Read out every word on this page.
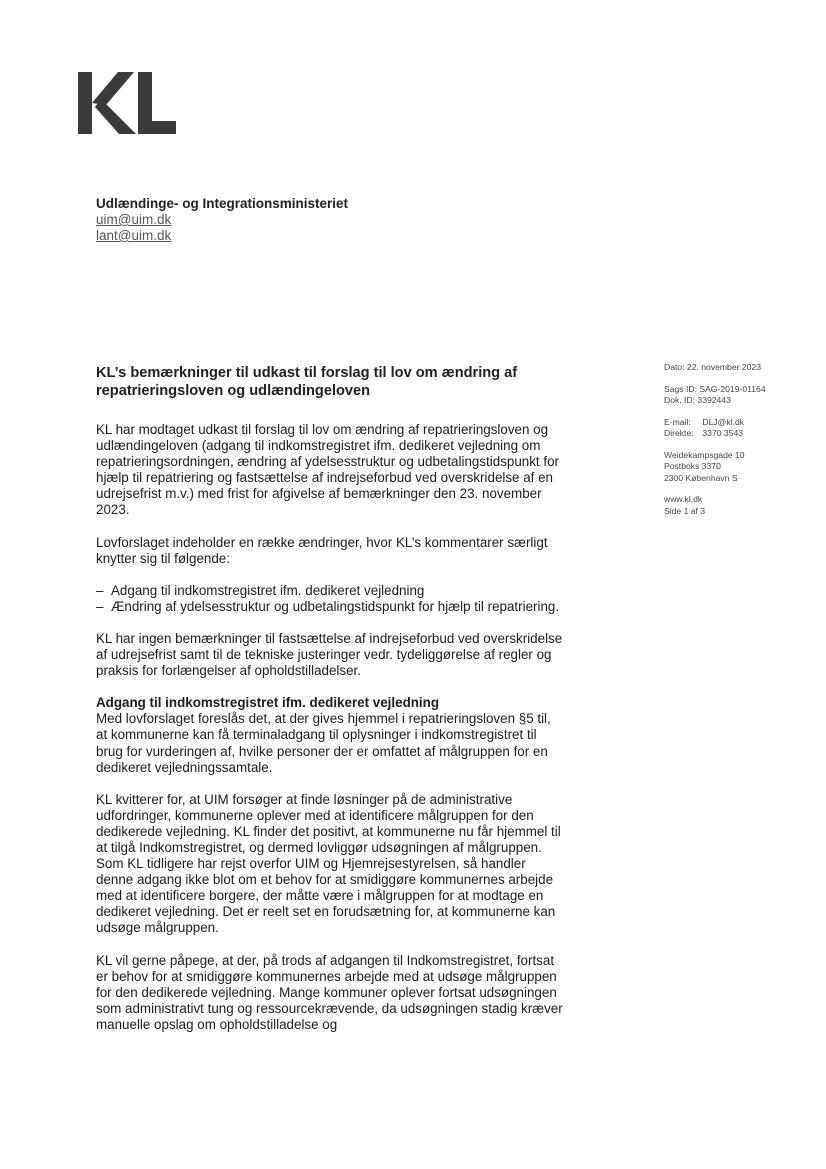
Udlændinge- og Integrationsministeriet
uim@uim.dk
lant@uim.dk
Dato: 22. november 2023
Sags ID: SAG-2019-01164
Dok. ID: 3392443
E-mail: DLJ@kl.dk
Direkte: 3370 3543
Weidekampsgade 10
Postboks 3370
2300 København S
www.kl.dk
Side 1 af 3
KL’s bemærkninger til udkast til forslag til lov om ændring af repatrieringsloven og udlændingeloven

KL har modtaget udkast til forslag til lov om ændring af repatrieringsloven og udlændingeloven (adgang til indkomstregistret ifm. dedikeret vejledning om repatrieringsordningen, ændring af ydelsesstruktur og udbetalingstidspunkt for hjælp til repatriering og fastsættelse af indrejseforbud ved overskridelse af en udrejsefrist m.v.) med frist for afgivelse af bemærkninger den 23. november 2023.

Lovforslaget indeholder en række ændringer, hvor KL’s kommentarer særligt knytter sig til følgende:

– Adgang til indkomstregistret ifm. dedikeret vejledning
– Ændring af ydelsesstruktur og udbetalingstidspunkt for hjælp til repatriering.

KL har ingen bemærkninger til fastsættelse af indrejseforbud ved overskridelse af udrejsefrist samt til de tekniske justeringer vedr. tydeliggørelse af regler og praksis for forlængelser af opholdstilladelser.

Adgang til indkomstregistret ifm. dedikeret vejledning

Med lovforslaget foreslås det, at der gives hjemmel i repatrieringsloven §5 til, at kommunerne kan få terminaladgang til oplysninger i indkomstregistret til brug for vurderingen af, hvilke personer der er omfattet af målgruppen for en dedikeret vejledningssamtale.

KL kvitterer for, at UIM forsøger at finde løsninger på de administrative udfordringer, kommunerne oplever med at identificere målgruppen for den dedikerede vejledning. KL finder det positivt, at kommunerne nu får hjemmel til at tilgå Indkomstregistret, og dermed lovliggør udsøgningen af målgruppen. Som KL tidligere har rejst overfor UIM og Hjemrejsestyrelsen, så handler denne adgang ikke blot om et behov for at smidiggøre kommunernes arbejde med at identificere borgere, der måtte være i målgruppen for at modtage en dedikeret vejledning. Det er reelt set en forudsætning for, at kommunerne kan udsøge målgruppen.

KL vil gerne påpege, at der, på trods af adgangen til Indkomstregistret, fortsat er behov for at smidiggøre kommunernes arbejde med at udsøge målgruppen for den dedikerede vejledning. Mange kommuner oplever fortsat udsøgningen som administrativt tung og ressourcekrævende, da udsøgningen stadig kræver manuelle opslag om opholdstilladelse og
